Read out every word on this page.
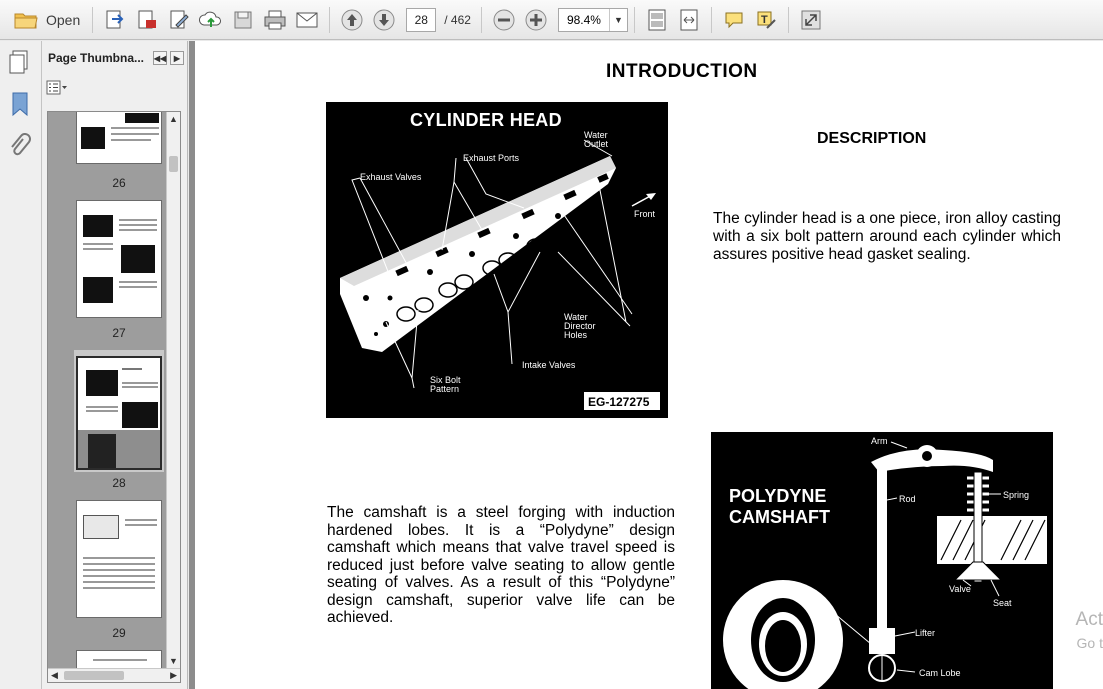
Open	28	/ 462	98.4%	▼	T
Page Thumbna...	◀◀ ▶
26
27
28
29
▲
▼
◀	▶
INTRODUCTION
CYLINDER HEAD
Water
Outlet
Exhaust Ports
Exhaust Valves
Front
Water
Director
Holes
Intake Valves
Six Bolt
Pattern
EG-127275
DESCRIPTION
The cylinder head is a one piece, iron alloy casting with a six bolt pattern around each cylinder which assures positive head gasket sealing.
POLYDYNE
CAMSHAFT
Arm
Rod	Spring
Valve
Seat
Lifter
Cam Lobe
The camshaft is a steel forging with induction hardened lobes. It is a “Polydyne” design camshaft which means that valve travel speed is reduced just before valve seating to allow gentle seating of valves. As a result of this “Polydyne” design camshaft, superior valve life can be achieved.	Act
Go t
